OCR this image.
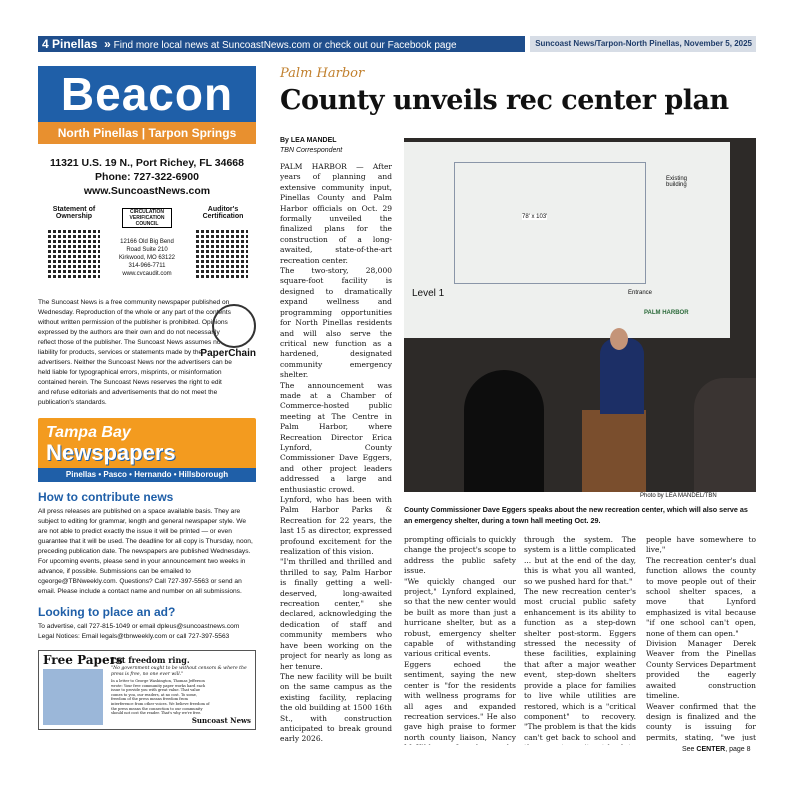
4 Pinellas » Find more local news at SuncoastNews.com or check out our Facebook page	Suncoast News/Tarpon-North Pinellas, November 5, 2025
Beacon
North Pinellas | Tarpon Springs
11321 U.S. 19 N., Port Richey, FL 34668
Phone: 727-322-6900
www.SuncoastNews.com
Statement of Ownership
CIRCULATION VERIFICATION COUNCIL
12166 Old Big Bend
Road Suite 210
Kirkwood, MO 63122
314-966-7711
www.cvcaudit.com
Auditor's Certification
The Suncoast News is a free community newspaper published on Wednesday. Reproduction of the whole or any part of the contents without written permission of the publisher is prohibited. Opinions expressed by the authors are their own and do not necessarily reflect those of the publisher. The Suncoast News assumes no liability for products, services or statements made by the advertisers. Neither the Suncoast News nor the advertisers can be held liable for typographical errors, misprints, or misinformation contained herein. The Suncoast News reserves the right to edit and refuse editorials and advertisements that do not meet the publication's standards.
PaperChain
Tampa Bay
Newspapers
Pinellas • Pasco • Hernando • Hillsborough
How to contribute news
All press releases are published on a space available basis. They are subject to editing for grammar, length and general newspaper style. We are not able to predict exactly the issue it will be printed — or even guarantee that it will be used. The deadline for all copy is Thursday, noon, preceding publication date. The newspapers are published Wednesdays. For upcoming events, please send in your announcement two weeks in advance, if possible. Submissions can be emailed to cgeorge@TBNweekly.com. Questions? Call 727-397-5563 or send an email. Please include a contact name and number on all submissions.
Looking to place an ad?
To advertise, call 727-815-1049 or email dpleus@suncoastnews.com
Legal Notices: Email legals@tbnweekly.com or call 727-397-5563
Free Papers
Let freedom ring.
"No government ought to be without censors & where the press is free, no one ever will."
In a letter to George Washington, Thomas Jefferson wrote: Your free community paper works hard each issue to provide you with great value. That value comes to you, our readers, at no cost. To some, freedom of the press means freedom from interference from other voices. We believe freedom of the press means the connection to our community should not cost the reader. That's why we're free.
Suncoast News
Palm Harbor
County unveils rec center plan
By LEA MANDEL
TBN Correspondent
PALM HARBOR — After years of planning and extensive community input, Pinellas County and Palm Harbor officials on Oct. 29 formally unveiled the finalized plans for the construction of a long-awaited, state-of-the-art recreation center.
The two-story, 28,000 square-foot facility is designed to dramatically expand wellness and programming opportunities for North Pinellas residents and will also serve the critical new function as a hardened, designated community emergency shelter.
The announcement was made at a Chamber of Commerce-hosted public meeting at The Centre in Palm Harbor, where Recreation Director Erica Lynford, County Commissioner Dave Eggers, and other project leaders addressed a large and enthusiastic crowd.
Lynford, who has been with Palm Harbor Parks & Recreation for 22 years, the last 15 as director, expressed profound excitement for the realization of this vision.
"I'm thrilled and thrilled and thrilled to say, Palm Harbor is finally getting a well-deserved, long-awaited recreation center," she declared, acknowledging the dedication of staff and community members who have been working on the project for nearly as long as her tenure.
The new facility will be built on the same campus as the existing facility, replacing the old building at 1500 16th St., with construction anticipated to break ground early 2026.

prompting officials to quickly change the project's scope to address the public safety issue.
"We quickly changed our project," Lynford explained, so that the new center would be built as more than just a hurricane shelter, but as a robust, emergency shelter capable of withstanding various critical events.
Eggers echoed the sentiment, saying the new center is "for the residents with wellness programs for all ages and expanded recreation services." He also gave high praise to former north county liaison, Nancy
through the system. The system is a little complicated ... but at the end of the day, this is what you all wanted, so we pushed hard for that."
The new recreation center's most crucial public safety enhancement is its ability to function as a step-down shelter post-storm. Eggers stressed the necessity of these facilities, explaining that after a major weather event, step-down shelters provide a place for families to live while utilities are restored, which is a "critical component" to recovery. "The problem is that the kids can't get back to school and
people have somewhere to live,"
The recreation center's dual function allows the county to move people out of their school shelter spaces, a move that Lynford emphasized is vital because "if one school can't open, none of them can open."
Division Manager Derek Weaver from the Pinellas County Services Department provided the eagerly awaited construction timeline.
Weaver confirmed that the design is finalized and the county is issuing for permits, stating, "we just
78' x 103'
Existing building
Entrance
Level 1
PALM HARBOR
Photo by LEA MANDEL/TBN
County Commissioner Dave Eggers speaks about the new recreation center, which will also serve as an emergency shelter, during a town hall meeting Oct. 29.
See CENTER, page 8
